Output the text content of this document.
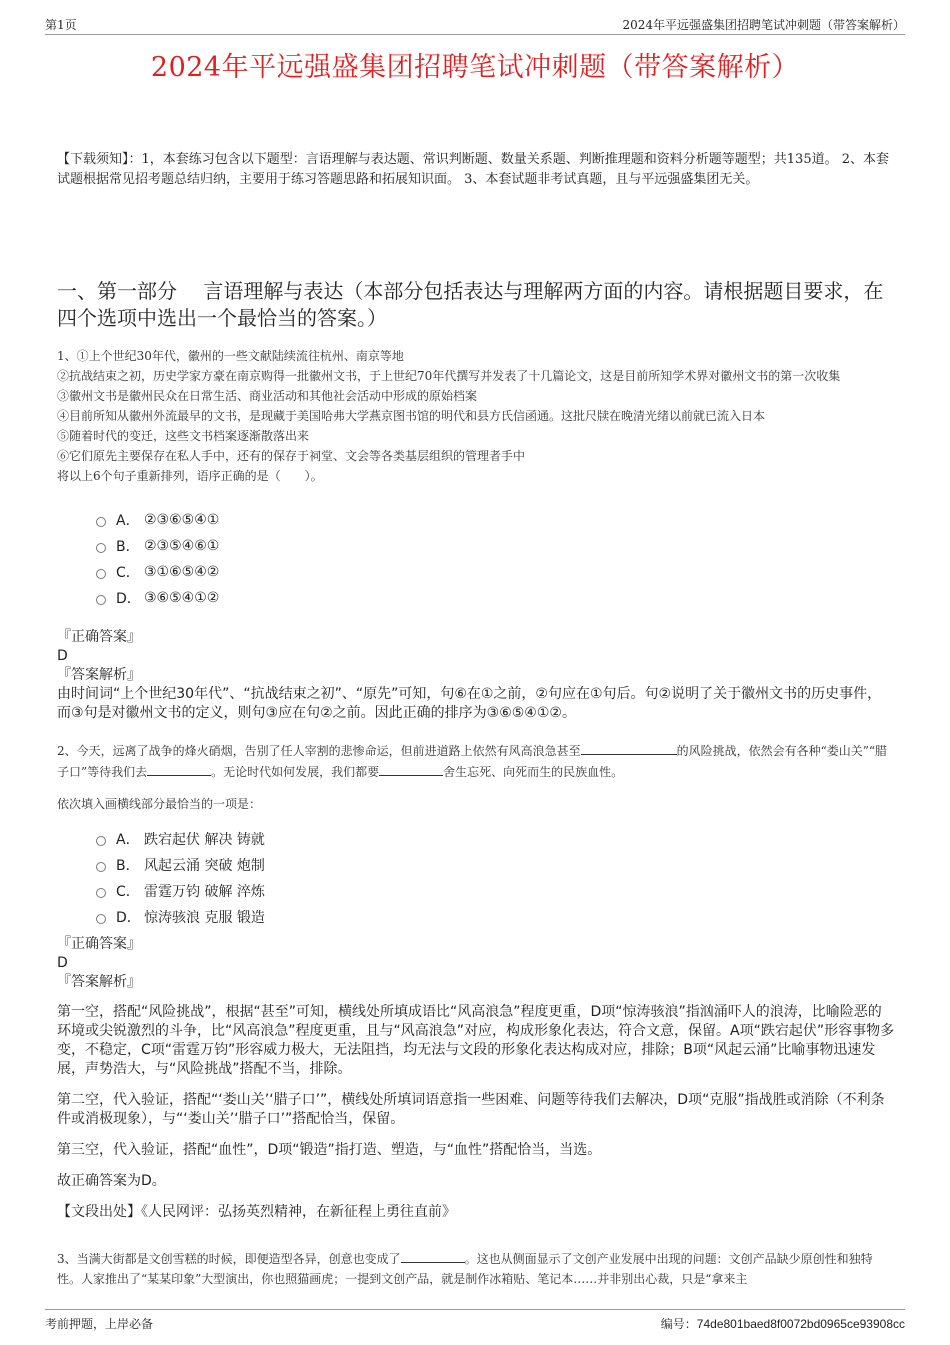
第1页	2024年平远强盛集团招聘笔试冲刺题（带答案解析）
2024年平远强盛集团招聘笔试冲刺题（带答案解析）
【下载须知】：1，本套练习包含以下题型：言语理解与表达题、常识判断题、数量关系题、判断推理题和资料分析题等题型；共135道。 2、本套试题根据常见招考题总结归纳，主要用于练习答题思路和拓展知识面。 3、本套试题非考试真题，且与平远强盛集团无关。
一、第一部分　 言语理解与表达（本部分包括表达与理解两方面的内容。请根据题目要求，在四个选项中选出一个最恰当的答案。）

1、①上个世纪30年代，徽州的一些文献陆续流往杭州、南京等地

②抗战结束之初，历史学家方豪在南京购得一批徽州文书，于上世纪70年代撰写并发表了十几篇论文，这是目前所知学术界对徽州文书的第一次收集

③徽州文书是徽州民众在日常生活、商业活动和其他社会活动中形成的原始档案

④目前所知从徽州外流最早的文书，是现藏于美国哈弗大学燕京图书馆的明代和县方氏信函通。这批尺牍在晚清光绪以前就已流入日本

⑤随着时代的变迁，这些文书档案逐渐散落出来

⑥它们原先主要保存在私人手中，还有的保存于祠堂、文会等各类基层组织的管理者手中

将以上6个句子重新排列，语序正确的是（　　）。

A． ②③⑥⑤④①
B． ②③⑤④⑥①
C． ③①⑥⑤④②
D． ③⑥⑤④①②

『正确答案』

D

『答案解析』

由时间词“上个世纪30年代”、“抗战结束之初”、“原先”可知，句⑥在①之前，②句应在①句后。句②说明了关于徽州文书的历史事件，而③句是对徽州文书的定义，则句③应在句②之前。因此正确的排序为③⑥⑤④①②。

2、今天，远离了战争的烽火硝烟，告别了任人宰割的悲惨命运，但前进道路上依然有风高浪急甚至	的风险挑战，依然会有各种“娄山关”“腊子口”等待我们去	。无论时代如何发展，我们都要	舍生忘死、向死而生的民族血性。

依次填入画横线部分最恰当的一项是：

A． 跌宕起伏 解决 铸就
B． 风起云涌 突破 炮制
C． 雷霆万钧 破解 淬炼
D． 惊涛骇浪 克服 锻造

『正确答案』

D

『答案解析』

第一空，搭配“风险挑战”，根据“甚至”可知，横线处所填成语比“风高浪急”程度更重，D项“惊涛骇浪”指汹涌吓人的浪涛，比喻险恶的环境或尖锐激烈的斗争，比“风高浪急”程度更重，且与“风高浪急”对应，构成形象化表达，符合文意，保留。A项“跌宕起伏”形容事物多变，不稳定，C项“雷霆万钧”形容威力极大，无法阻挡，均无法与文段的形象化表达构成对应，排除；B项“风起云涌”比喻事物迅速发展，声势浩大，与“风险挑战”搭配不当，排除。

第二空，代入验证，搭配“‘娄山关’‘腊子口’”，横线处所填词语意指一些困难、问题等待我们去解决，D项“克服”指战胜或消除（不利条件或消极现象），与“‘娄山关’‘腊子口’”搭配恰当，保留。

第三空，代入验证，搭配“血性”，D项“锻造”指打造、塑造，与“血性”搭配恰当，当选。

故正确答案为D。

【文段出处】《人民网评：弘扬英烈精神，在新征程上勇往直前》

3、当满大街都是文创雪糕的时候，即便造型各异，创意也变成了	。这也从侧面显示了文创产业发展中出现的问题：文创产品缺少原创性和独特性。人家推出了“某某印象”大型演出，你也照猫画虎；一提到文创产品，就是制作冰箱贴、笔记本……并非别出心裁，只是“拿来主

考前押题，上岸必备	编号：74de801baed8f0072bd0965ce93908cc
